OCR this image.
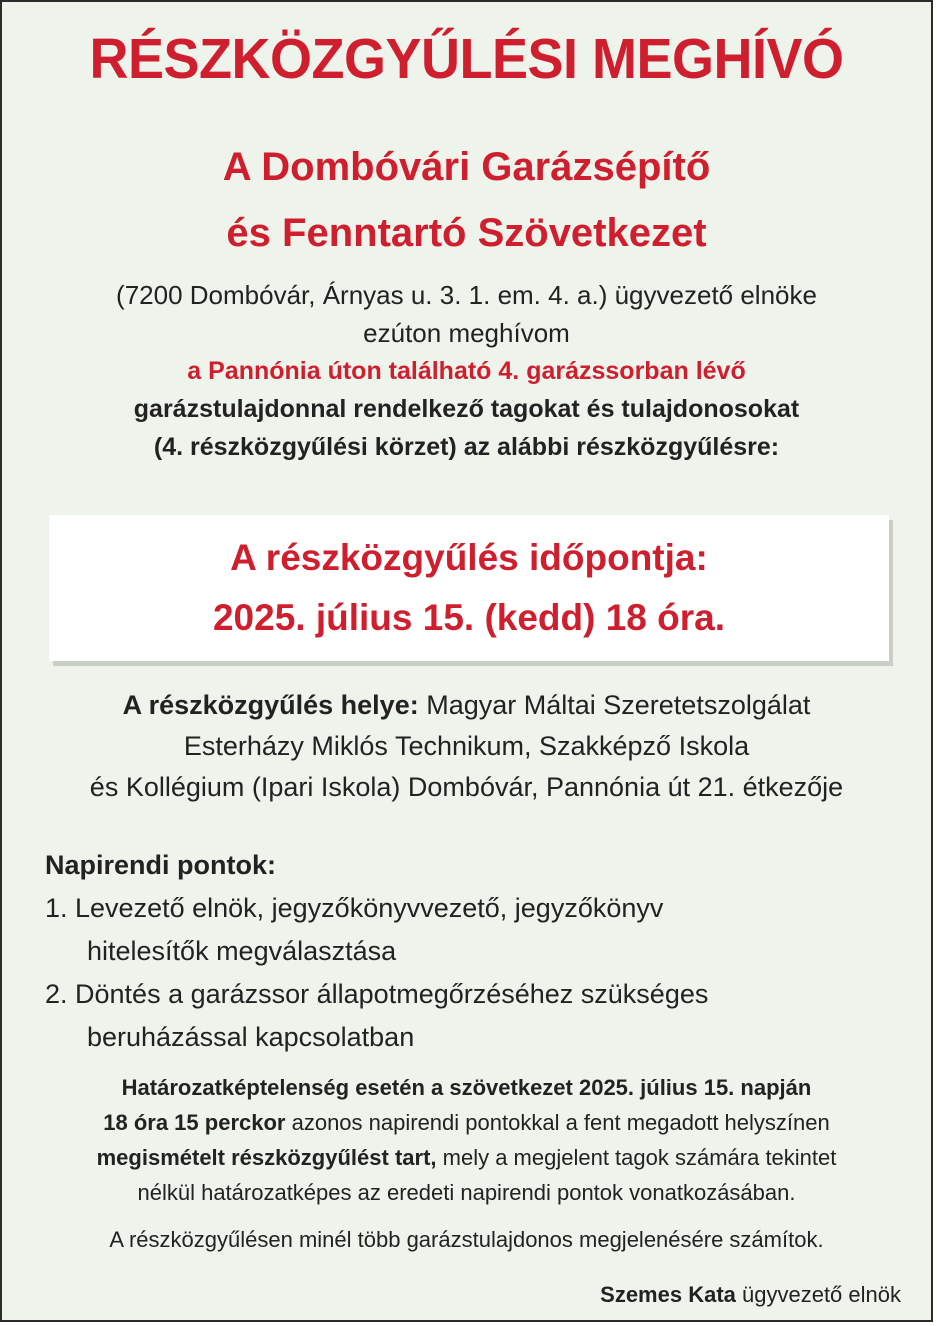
RÉSZKÖZGYŰLÉSI MEGHÍVÓ
A Dombóvári Garázsépítő
és Fenntartó Szövetkezet
(7200 Dombóvár, Árnyas u. 3. 1. em. 4. a.) ügyvezető elnöke
ezúton meghívom
a Pannónia úton található 4. garázssorban lévő
garázstulajdonnal rendelkező tagokat és tulajdonosokat
(4. részközgyűlési körzet) az alábbi részközgyűlésre:
A részközgyűlés időpontja:
2025. július 15. (kedd) 18 óra.
A részközgyűlés helye: Magyar Máltai Szeretetszolgálat
Esterházy Miklós Technikum, Szakképző Iskola
és Kollégium (Ipari Iskola) Dombóvár, Pannónia út 21. étkezője
Napirendi pontok:
1. Levezető elnök, jegyzőkönyvvezető, jegyzőkönyv
hitelesítők megválasztása
2. Döntés a garázssor állapotmegőrzéséhez szükséges
beruházással kapcsolatban
Határozatképtelenség esetén a szövetkezet 2025. július 15. napján
18 óra 15 perckor azonos napirendi pontokkal a fent megadott helyszínen
megismételt részközgyűlést tart, mely a megjelent tagok számára tekintet
nélkül határozatképes az eredeti napirendi pontok vonatkozásában.
A részközgyűlésen minél több garázstulajdonos megjelenésére számítok.
Szemes Kata ügyvezető elnök
